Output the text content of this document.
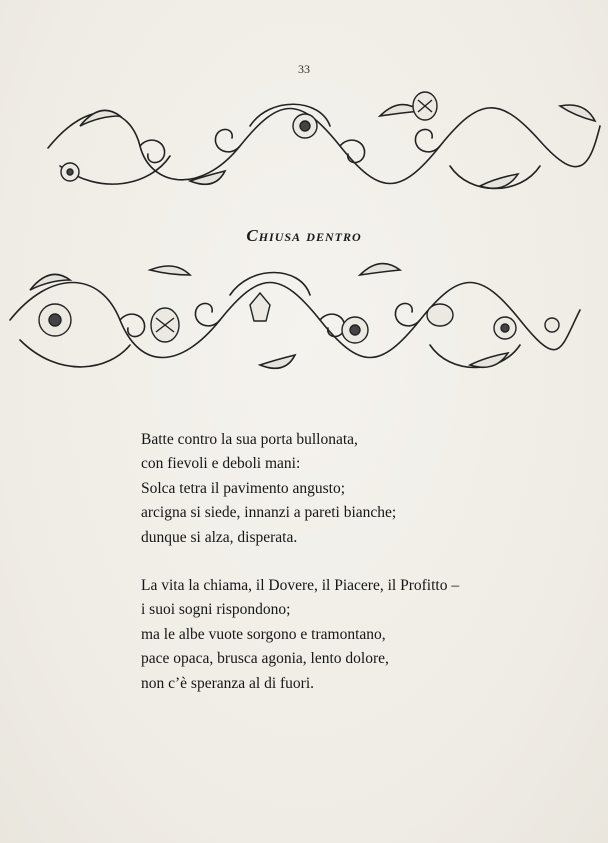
33
Chiusa dentro
Batte contro la sua porta bullonata,
con fievoli e deboli mani:
Solca tetra il pavimento angusto;
arcigna si siede, innanzi a pareti bianche;
dunque si alza, disperata.
La vita la chiama, il Dovere, il Piacere, il Profitto –
i suoi sogni rispondono;
ma le albe vuote sorgono e tramontano,
pace opaca, brusca agonia, lento dolore,
non c’è speranza al di fuori.
